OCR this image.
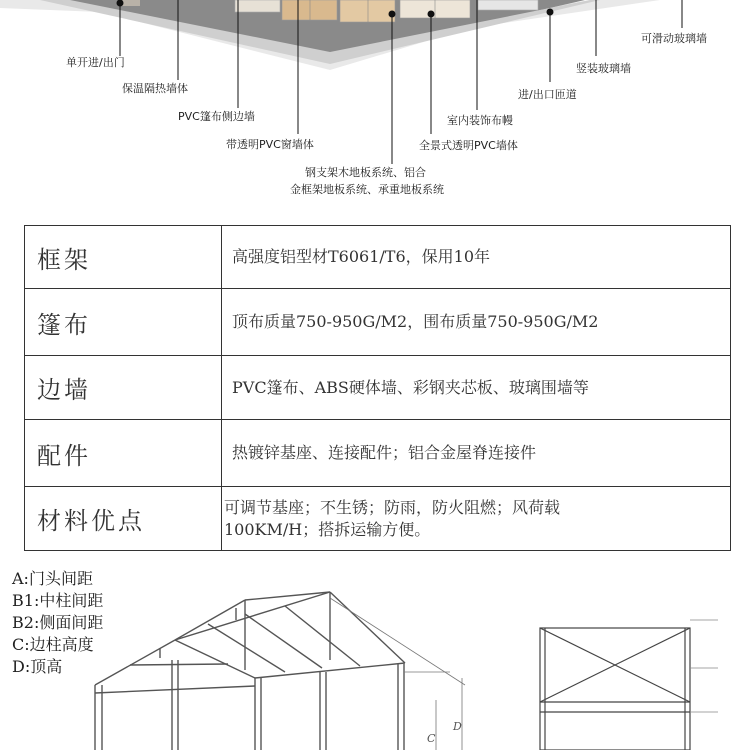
单开进/出门
保温隔热墙体
PVC篷布侧边墙
带透明PVC窗墙体
钢支架木地板系统、铝合
金框架地板系统、承重地板系统
全景式透明PVC墙体
室内装饰布幔
进/出口匝道
竖装玻璃墙
可滑动玻璃墙
框架	高强度铝型材T6061/T6，保用10年
篷布	顶布质量750-950G/M2，围布质量750-950G/M2
边墙	PVC篷布、ABS硬体墙、彩钢夹芯板、玻璃围墙等
配件	热镀锌基座、连接配件；铝合金屋脊连接件
材料优点	可调节基座；不生锈；防雨，防火阻燃；风荷载
100KM/H；搭拆运输方便。
A:门头间距
B1:中柱间距
B2:侧面间距
C:边柱高度
D:顶高
C
D
